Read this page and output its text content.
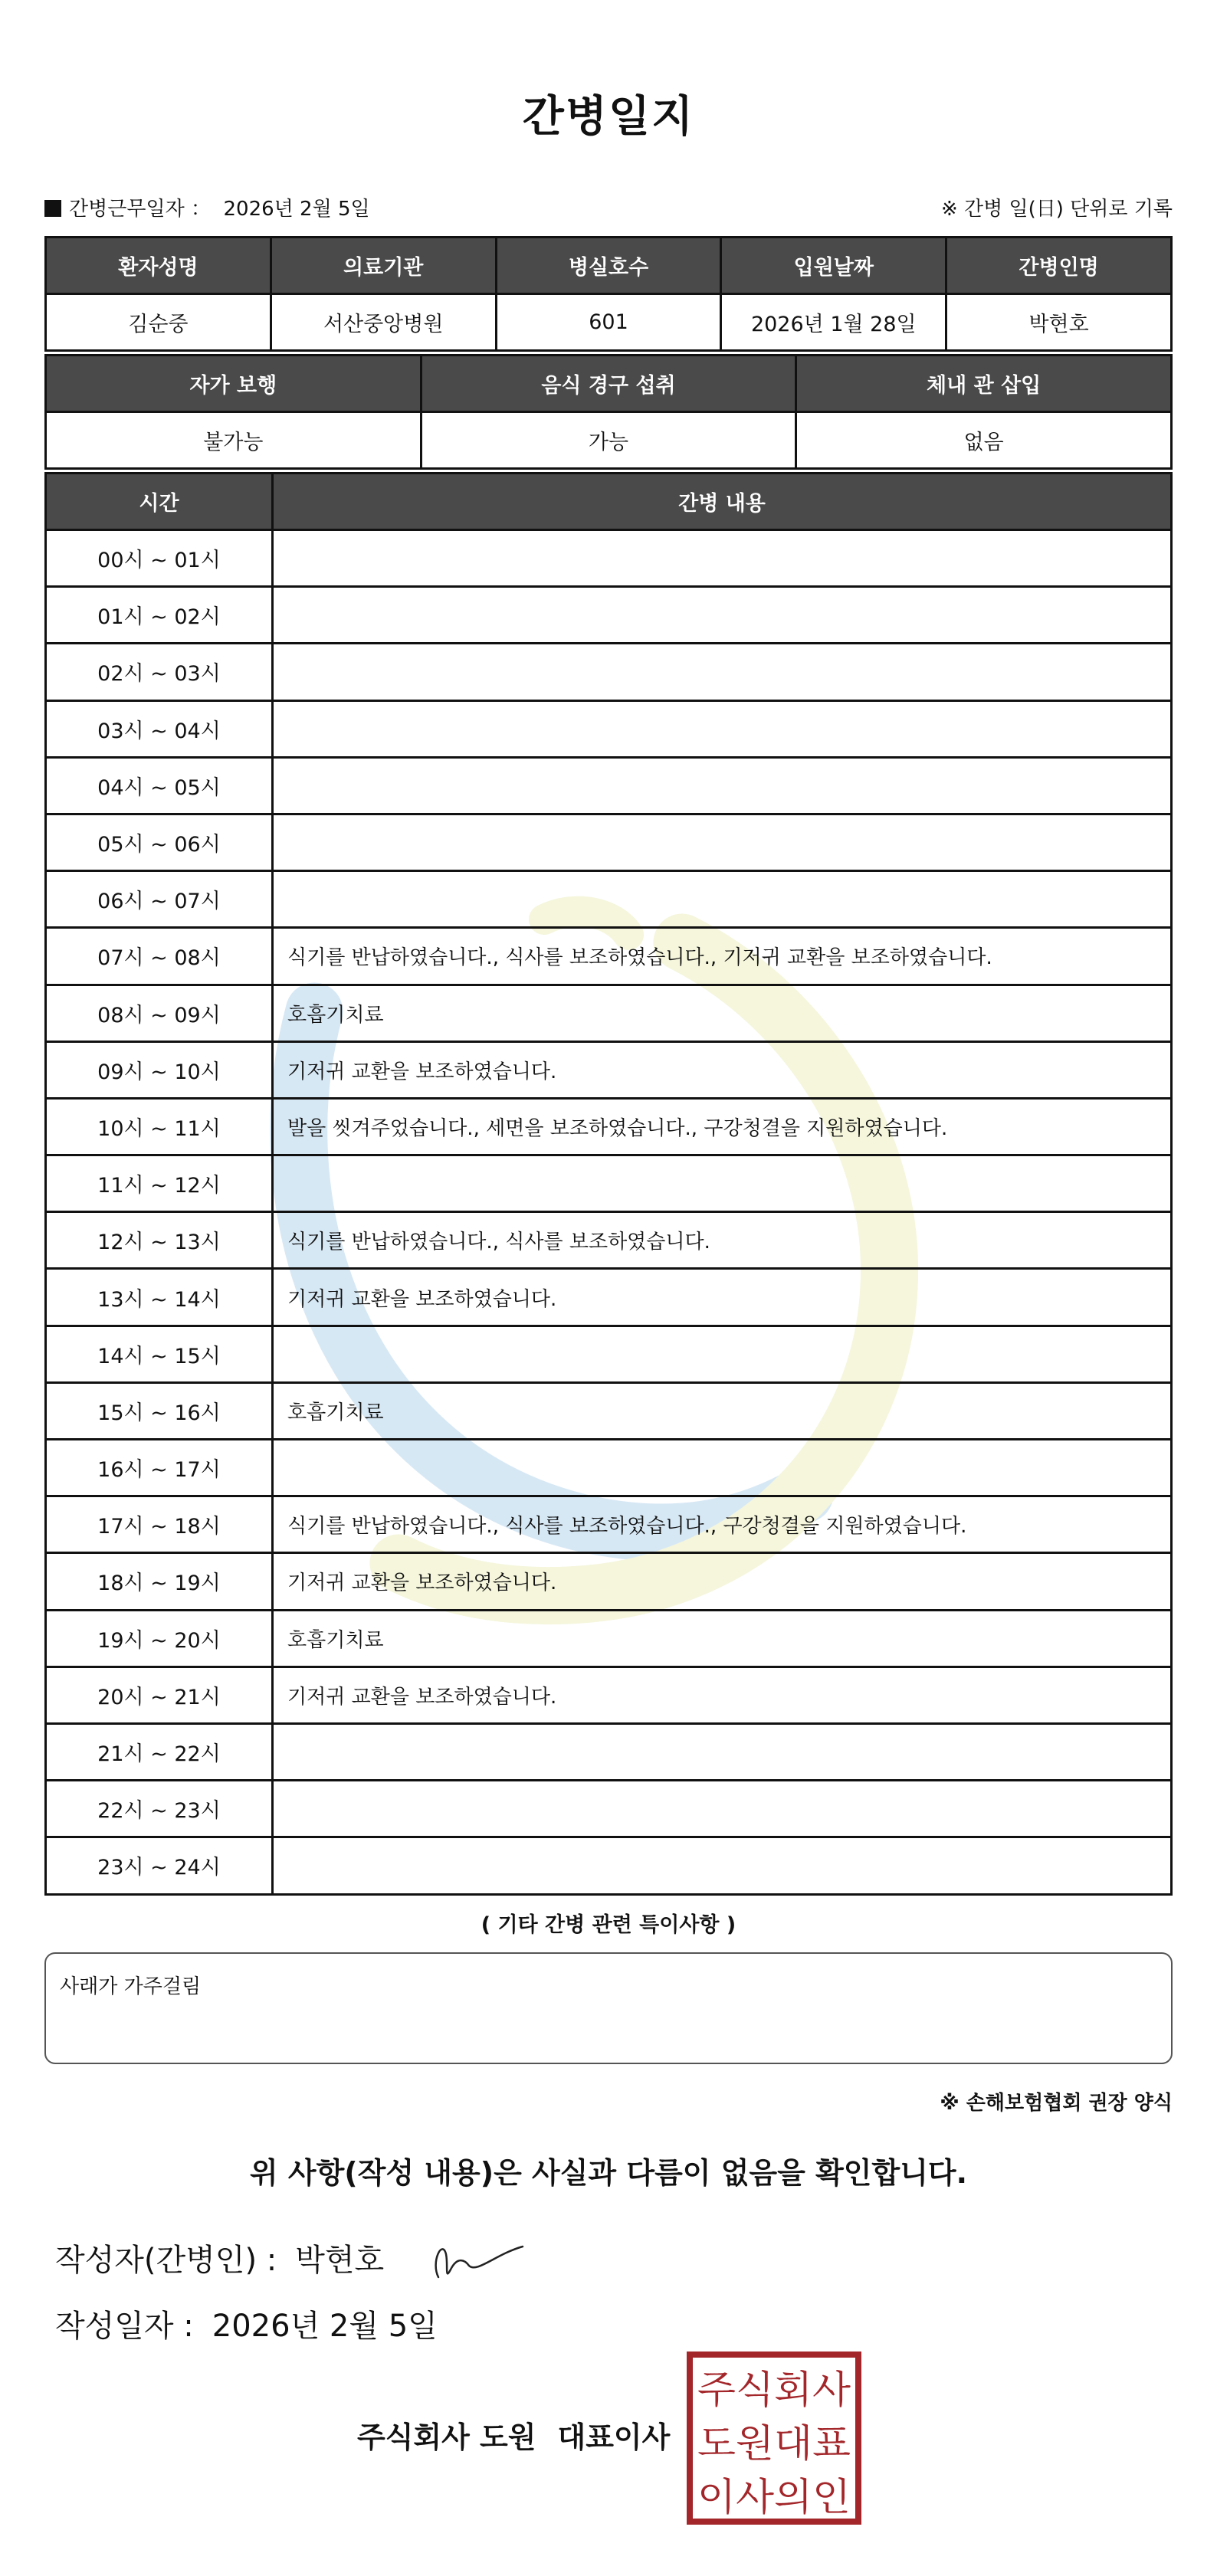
간병일지
간병근무일자 ： 2026년 2월 5일	※ 간병 일(日) 단위로 기록
환자성명	의료기관	병실호수	입원날짜	간병인명
김순중	서산중앙병원	601	2026년 1월 28일	박현호
자가 보행	음식 경구 섭취	체내 관 삽입
불가능	가능	없음
시간	간병 내용
00시 ~ 01시	
01시 ~ 02시	
02시 ~ 03시	
03시 ~ 04시	
04시 ~ 05시	
05시 ~ 06시	
06시 ~ 07시	
07시 ~ 08시	식기를 반납하였습니다., 식사를 보조하였습니다., 기저귀 교환을 보조하였습니다.
08시 ~ 09시	호흡기치료
09시 ~ 10시	기저귀 교환을 보조하였습니다.
10시 ~ 11시	발을 씻겨주었습니다., 세면을 보조하였습니다., 구강청결을 지원하였습니다.
11시 ~ 12시	
12시 ~ 13시	식기를 반납하였습니다., 식사를 보조하였습니다.
13시 ~ 14시	기저귀 교환을 보조하였습니다.
14시 ~ 15시	
15시 ~ 16시	호흡기치료
16시 ~ 17시	
17시 ~ 18시	식기를 반납하였습니다., 식사를 보조하였습니다., 구강청결을 지원하였습니다.
18시 ~ 19시	기저귀 교환을 보조하였습니다.
19시 ~ 20시	호흡기치료
20시 ~ 21시	기저귀 교환을 보조하였습니다.
21시 ~ 22시	
22시 ~ 23시	
23시 ~ 24시	
( 기타 간병 관련 특이사항 )
사래가 가주걸림
※ 손해보험협회 권장 양식
위 사항(작성 내용)은 사실과 다름이 없음을 확인합니다.
작성자(간병인) : 박현호
작성일자 : 2026년 2월 5일
주식회사 도원 대표이사
주식회사
도원대표
이사의인
